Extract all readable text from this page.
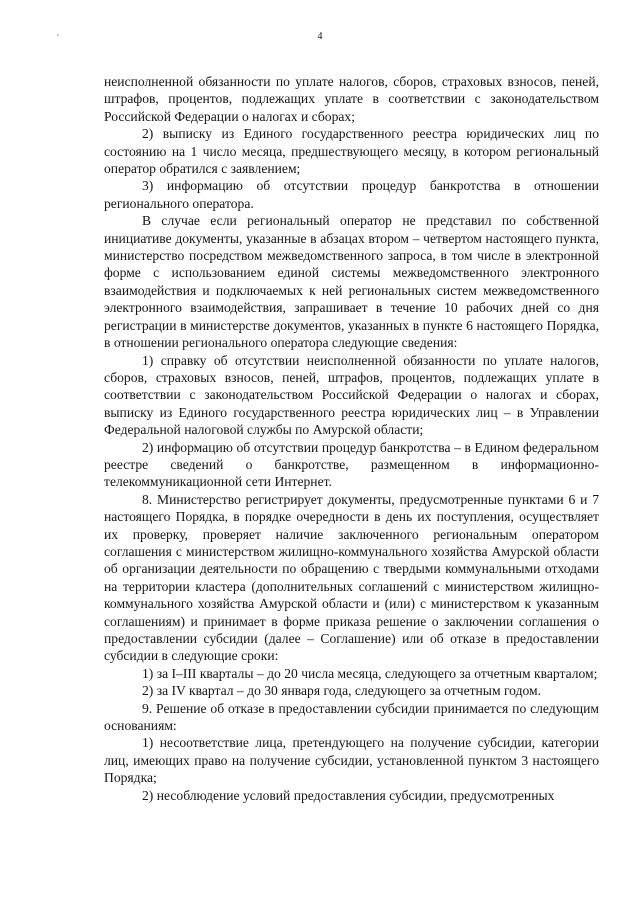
4

неисполненной обязанности по уплате налогов, сборов, страховых взносов, пеней, штрафов, процентов, подлежащих уплате в соответствии с законодательством Российской Федерации о налогах и сборах;

2) выписку из Единого государственного реестра юридических лиц по состоянию на 1 число месяца, предшествующего месяцу, в котором региональный оператор обратился с заявлением;

3) информацию об отсутствии процедур банкротства в отношении регионального оператора.

В случае если региональный оператор не представил по собственной инициативе документы, указанные в абзацах втором – четвертом настоящего пункта, министерство посредством межведомственного запроса, в том числе в электронной форме с использованием единой системы межведомственного электронного взаимодействия и подключаемых к ней региональных систем межведомственного электронного взаимодействия, запрашивает в течение 10 рабочих дней со дня регистрации в министерстве документов, указанных в пункте 6 настоящего Порядка, в отношении регионального оператора следующие сведения:

1) справку об отсутствии неисполненной обязанности по уплате налогов, сборов, страховых взносов, пеней, штрафов, процентов, подлежащих уплате в соответствии с законодательством Российской Федерации о налогах и сборах, выписку из Единого государственного реестра юридических лиц – в Управлении Федеральной налоговой службы по Амурской области;

2) информацию об отсутствии процедур банкротства – в Едином федеральном реестре сведений о банкротстве, размещенном в информационно-телекоммуникационной сети Интернет.

8. Министерство регистрирует документы, предусмотренные пунктами 6 и 7 настоящего Порядка, в порядке очередности в день их поступления, осуществляет их проверку, проверяет наличие заключенного региональным оператором соглашения с министерством жилищно-коммунального хозяйства Амурской области об организации деятельности по обращению с твердыми коммунальными отходами на территории кластера (дополнительных соглашений с министерством жилищно-коммунального хозяйства Амурской области и (или) с министерством к указанным соглашениям) и принимает в форме приказа решение о заключении соглашения о предоставлении субсидии (далее – Соглашение) или об отказе в предоставлении субсидии в следующие сроки:

1) за I–III кварталы – до 20 числа месяца, следующего за отчетным кварталом;

2) за IV квартал – до 30 января года, следующего за отчетным годом.

9. Решение об отказе в предоставлении субсидии принимается по следующим основаниям:

1) несоответствие лица, претендующего на получение субсидии, категории лиц, имеющих право на получение субсидии, установленной пунктом 3 настоящего Порядка;

2) несоблюдение условий предоставления субсидии, предусмотренных
